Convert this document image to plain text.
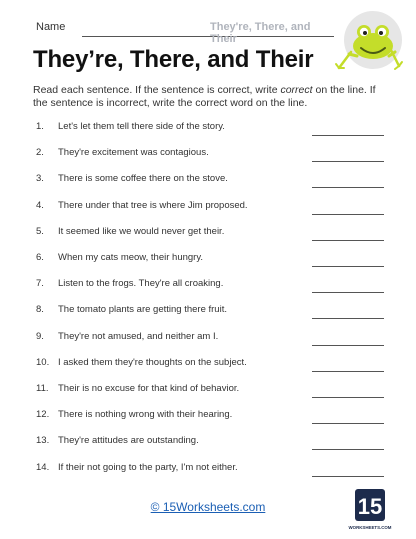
Name	They're, There, and Their
They’re, There, and Their
Read each sentence. If the sentence is correct, write correct on the line. If the sentence is incorrect, write the correct word on the line.
1. Let's let them tell there side of the story.
2. They're excitement was contagious.
3. There is some coffee there on the stove.
4. There under that tree is where Jim proposed.
5. It seemed like we would never get their.
6. When my cats meow, their hungry.
7. Listen to the frogs. They're all croaking.
8. The tomato plants are getting there fruit.
9. They're not amused, and neither am I.
10. I asked them they're thoughts on the subject.
11. Their is no excuse for that kind of behavior.
12. There is nothing wrong with their hearing.
13. They're attitudes are outstanding.
14. If their not going to the party, I'm not either.
© 15Worksheets.com	15
WORKSHEETS.COM
